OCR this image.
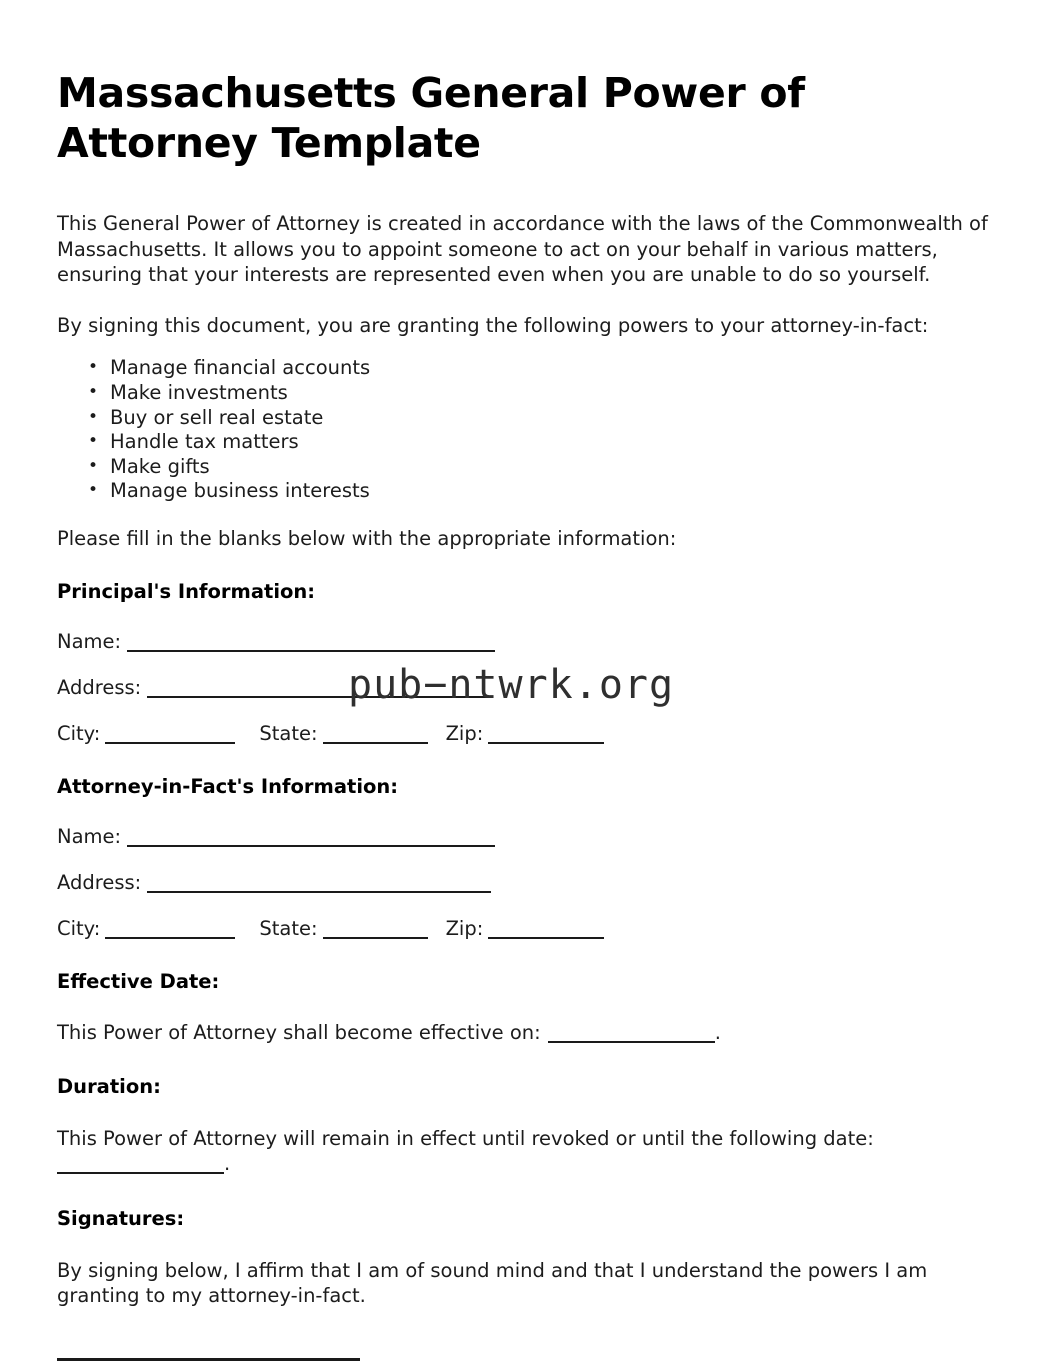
Massachusetts General Power of Attorney Template

This General Power of Attorney is created in accordance with the laws of the Commonwealth of Massachusetts. It allows you to appoint someone to act on your behalf in various matters, ensuring that your interests are represented even when you are unable to do so yourself.

By signing this document, you are granting the following powers to your attorney-in-fact:

• Manage financial accounts
• Make investments
• Buy or sell real estate
• Handle tax matters
• Make gifts
• Manage business interests

Please fill in the blanks below with the appropriate information:

Principal's Information:

Name:

Address:

City:	State:	Zip:

Attorney-in-Fact's Information:

Name:

Address:

City:	State:	Zip:

Effective Date:

This Power of Attorney shall become effective on:	.

Duration:

This Power of Attorney will remain in effect until revoked or until the following date:
.

Signatures:

By signing below, I affirm that I am of sound mind and that I understand the powers I am granting to my attorney-in-fact.

pub−ntwrk.org
